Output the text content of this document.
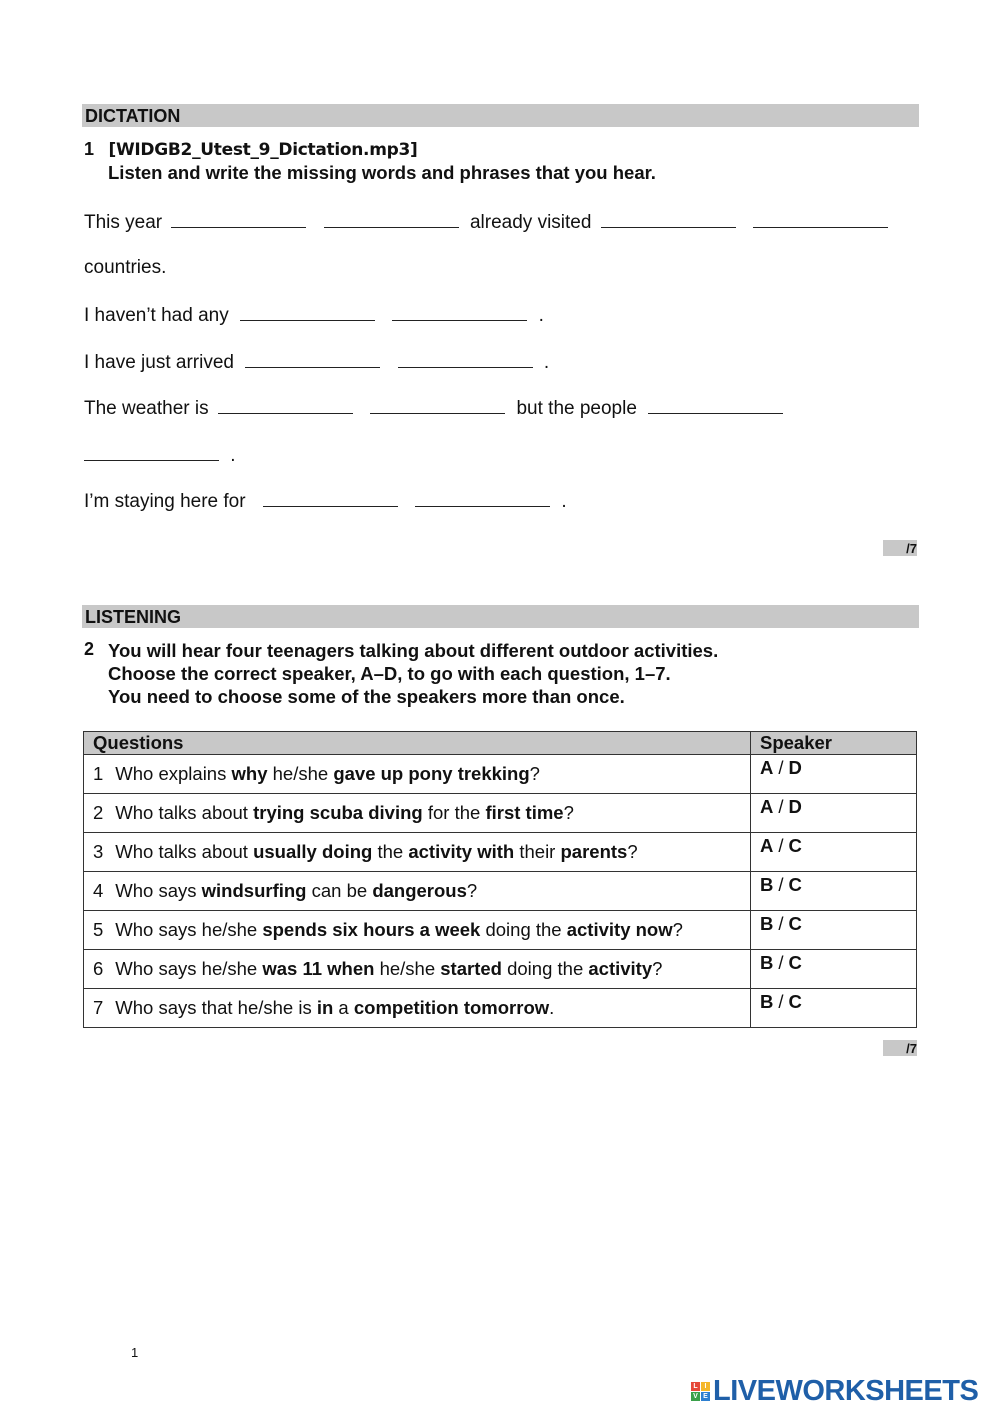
DICTATION
1 [WIDGB2_Utest_9_Dictation.mp3]
Listen and write the missing words and phrases that you hear.
This year	already visited
countries.
I haven’t had any	.
I have just arrived	.
The weather is	but the people
.
I’m staying here for	.
/7
LISTENING
2 You will hear four teenagers talking about different outdoor activities.
Choose the correct speaker, A–D, to go with each question, 1–7.
You need to choose some of the speakers more than once.
Questions	Speaker
1 Who explains why he/she gave up pony trekking?	A / D
2 Who talks about trying scuba diving for the first time?	A / D
3 Who talks about usually doing the activity with their parents?	A / C
4 Who says windsurfing can be dangerous?	B / C
5 Who says he/she spends six hours a week doing the activity now?	B / C
6 Who says he/she was 11 when he/she started doing the activity?	B / C
7 Who says that he/she is in a competition tomorrow.	B / C
/7
1
L I
V E LIVEWORKSHEETS
